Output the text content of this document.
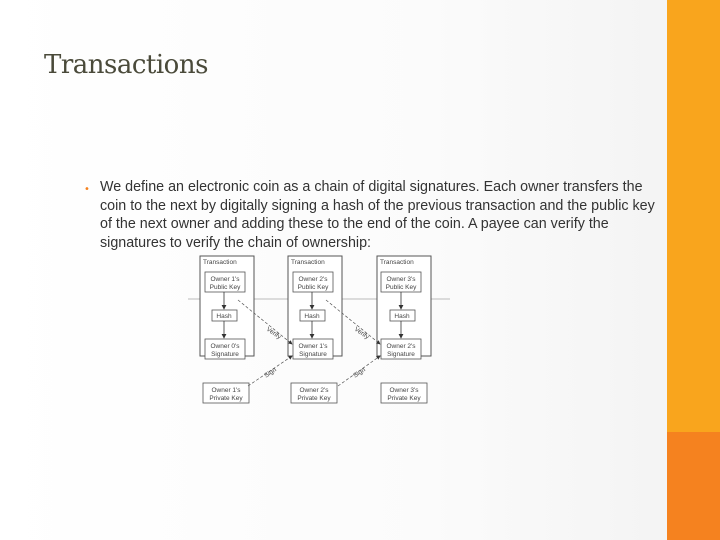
Transactions
• We define an electronic coin as a chain of digital signatures. Each owner transfers the coin to the next by digitally signing a hash of the previous transaction and the public key of the next owner and adding these to the end of the coin. A payee can verify the signatures to verify the chain of ownership:
Transaction
Owner 1's
Public Key
Hash
Owner 0's
Signature
Owner 1's
Private Key
Transaction
Owner 2's
Public Key
Hash
Owner 1's
Signature
Owner 2's
Private Key
Transaction
Owner 3's
Public Key
Hash
Owner 2's
Signature
Owner 3's
Private Key
Verify	Verify
Sign	Sign
